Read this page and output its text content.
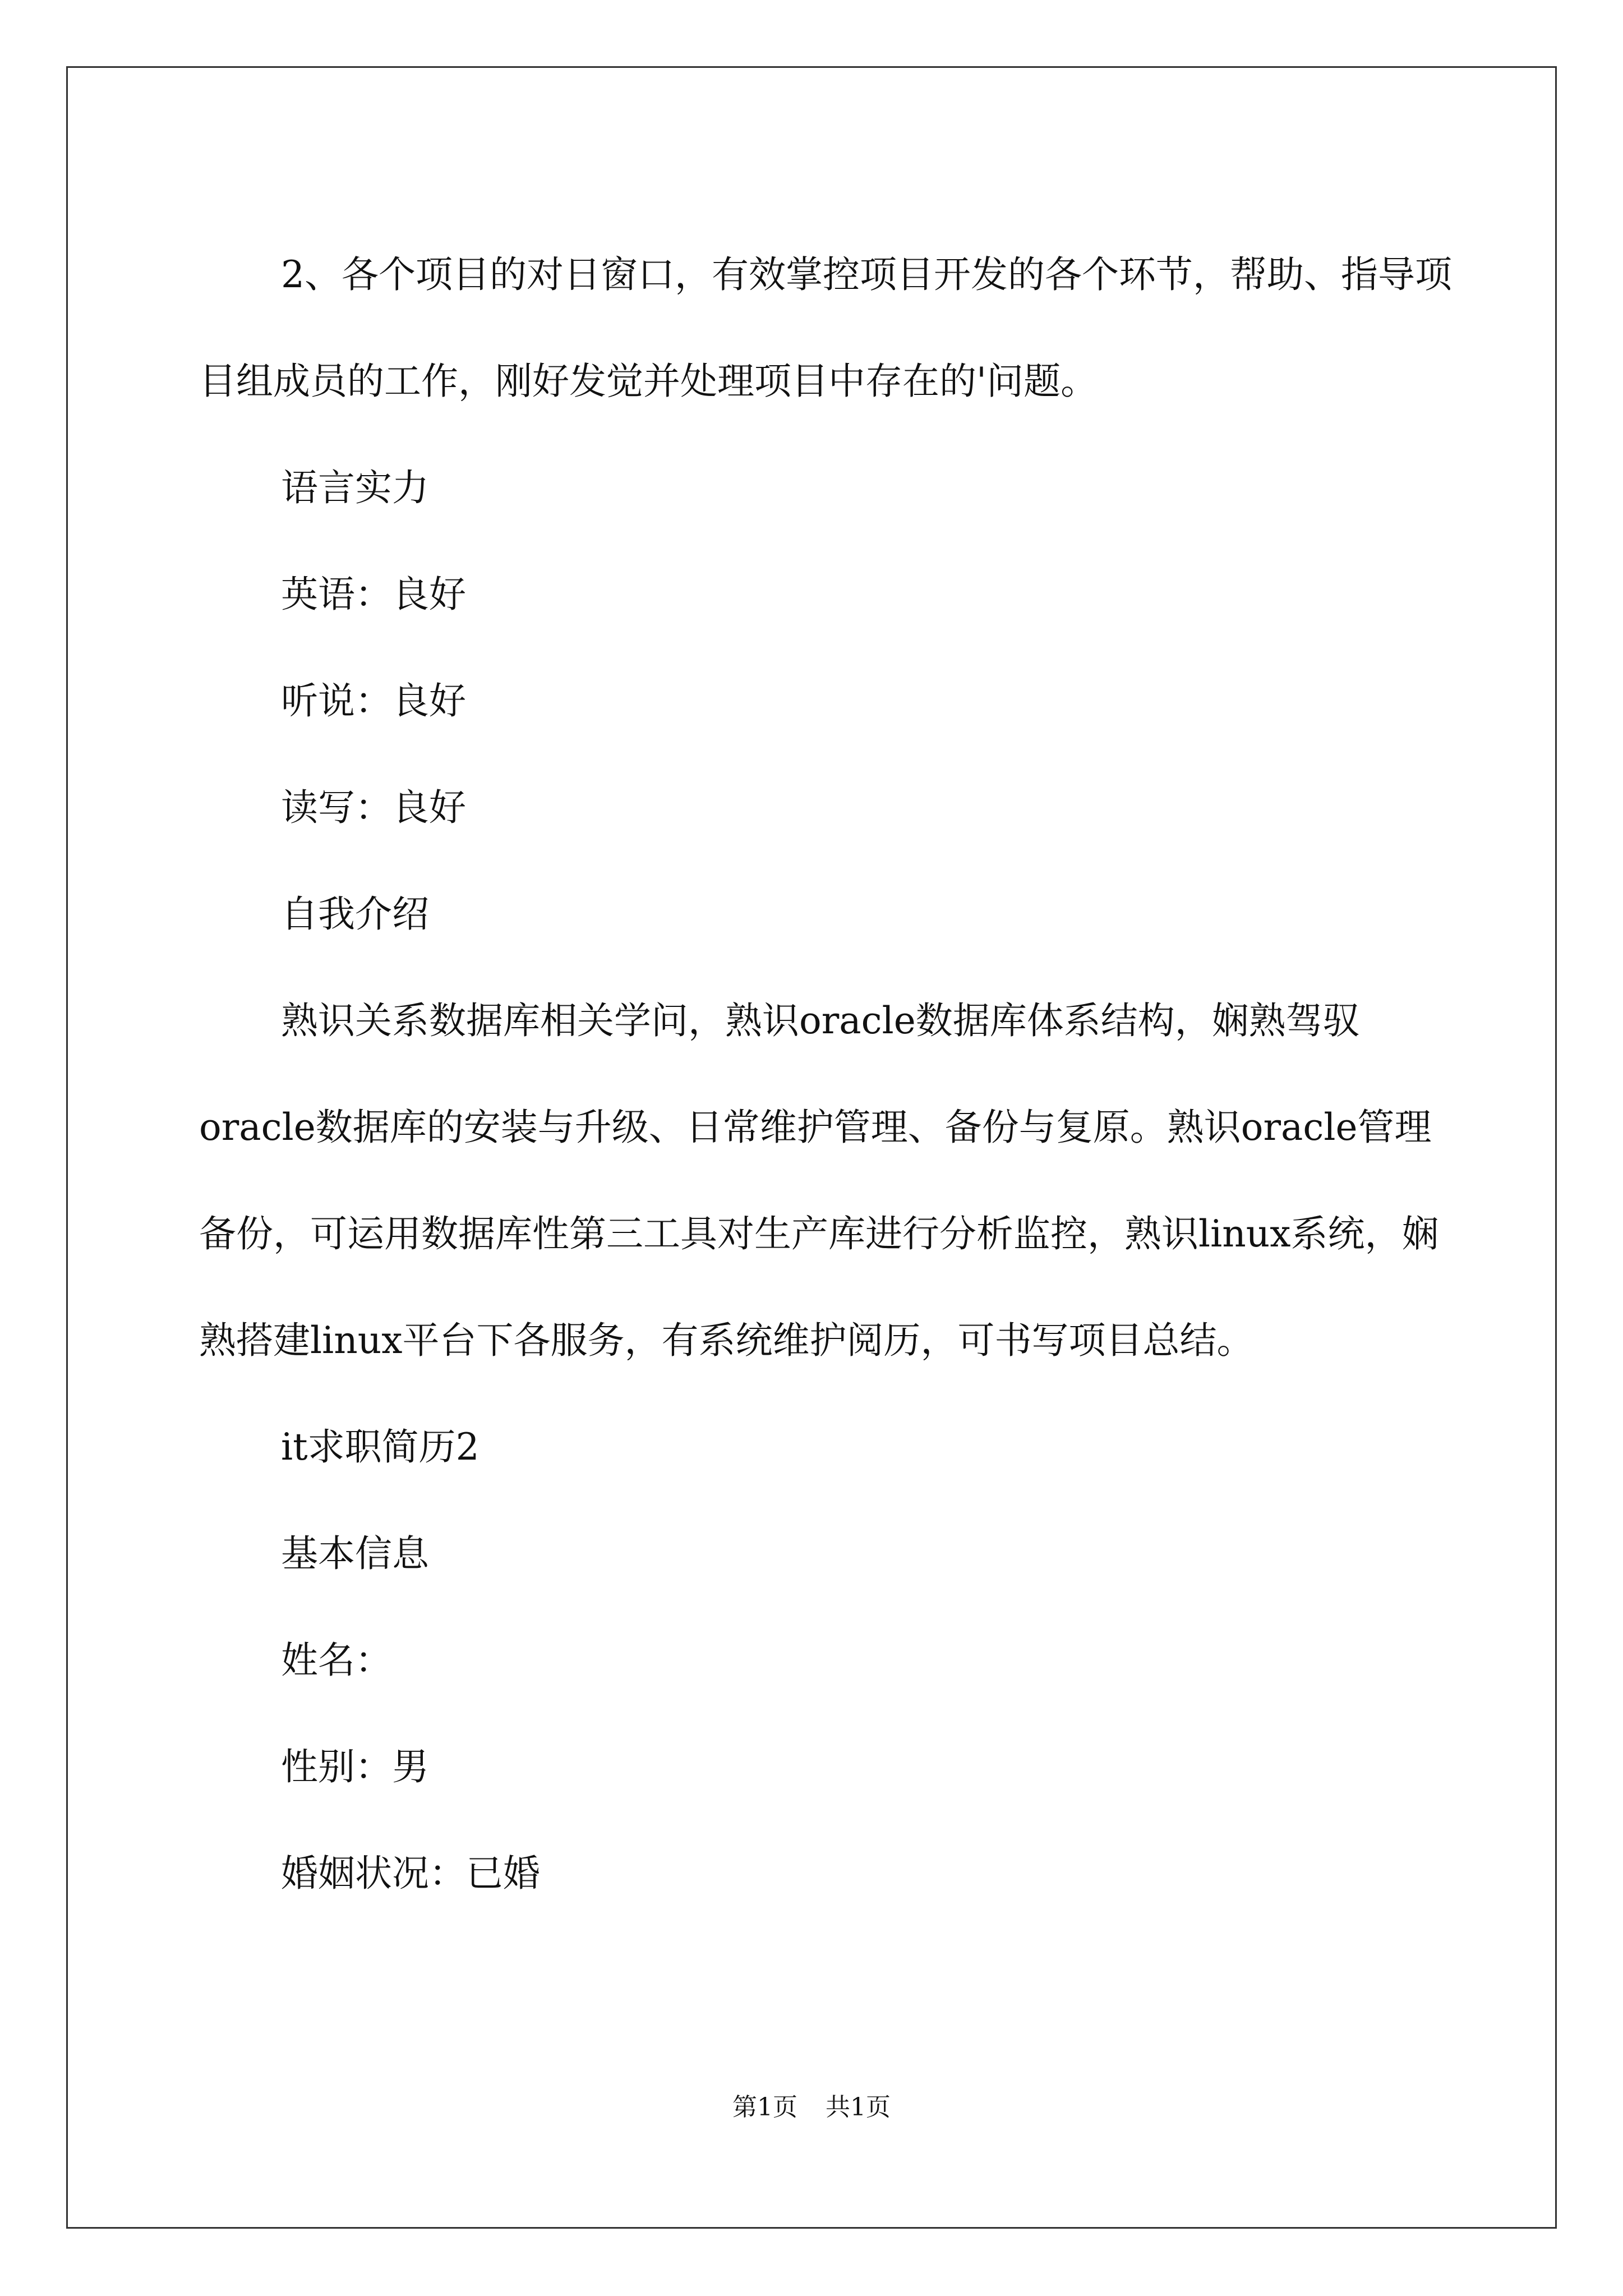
2、各个项目的对日窗口，有效掌控项目开发的各个环节，帮助、指导项目组成员的工作，刚好发觉并处理项目中存在的'问题。

语言实力

英语：良好

听说：良好

读写：良好

自我介绍

熟识关系数据库相关学问，熟识oracle数据库体系结构，娴熟驾驭oracle数据库的安装与升级、日常维护管理、备份与复原。熟识oracle管理备份，可运用数据库性第三工具对生产库进行分析监控，熟识linux系统，娴熟搭建linux平台下各服务，有系统维护阅历，可书写项目总结。

it求职简历2

基本信息

姓名：

性别：男

婚姻状况：已婚

第1页 共1页
